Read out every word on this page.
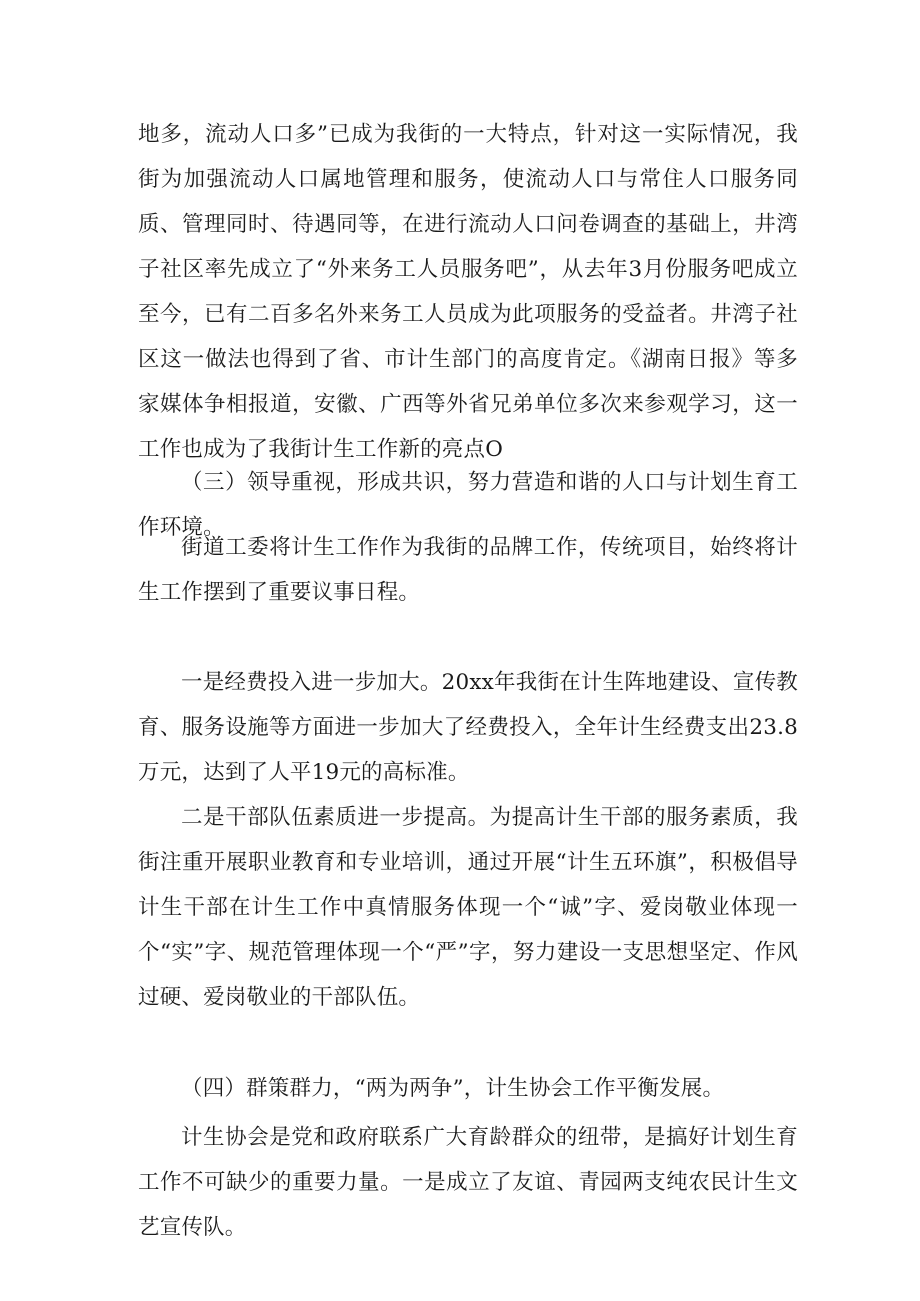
地多，流动人口多”已成为我街的一大特点，针对这一实际情况，我街为加强流动人口属地管理和服务，使流动人口与常住人口服务同质、管理同时、待遇同等，在进行流动人口问卷调查的基础上，井湾子社区率先成立了“外来务工人员服务吧”，从去年3月份服务吧成立至今，已有二百多名外来务工人员成为此项服务的受益者。井湾子社区这一做法也得到了省、市计生部门的高度肯定。《湖南日报》等多家媒体争相报道，安徽、广西等外省兄弟单位多次来参观学习，这一工作也成为了我街计生工作新的亮点O

（三）领导重视，形成共识，努力营造和谐的人口与计划生育工作环境。

街道工委将计生工作作为我街的品牌工作，传统项目，始终将计生工作摆到了重要议事日程。

一是经费投入进一步加大。20xx年我街在计生阵地建设、宣传教育、服务设施等方面进一步加大了经费投入，全年计生经费支出23.8万元，达到了人平19元的高标准。

二是干部队伍素质进一步提高。为提高计生干部的服务素质，我街注重开展职业教育和专业培训，通过开展“计生五环旗”，积极倡导计生干部在计生工作中真情服务体现一个“诚”字、爱岗敬业体现一个“实”字、规范管理体现一个“严”字，努力建设一支思想坚定、作风过硬、爱岗敬业的干部队伍。

（四）群策群力，“两为两争”，计生协会工作平衡发展。

计生协会是党和政府联系广大育龄群众的纽带，是搞好计划生育工作不可缺少的重要力量。一是成立了友谊、青园两支纯农民计生文艺宣传队。
